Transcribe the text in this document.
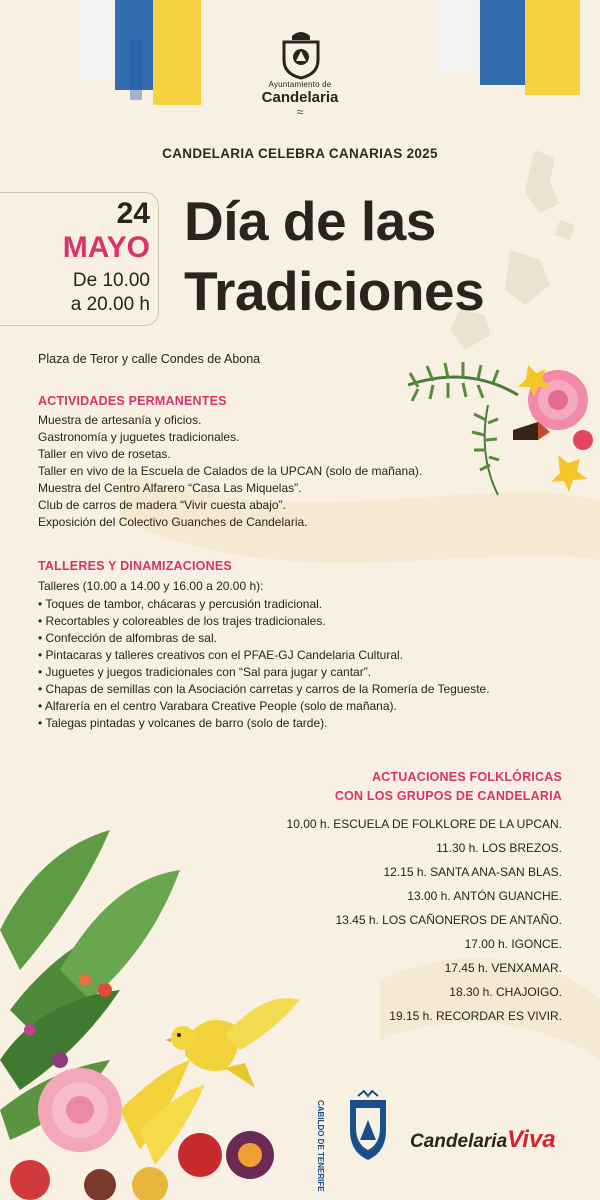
Ayuntamiento de
Candelaria
≈
CANDELARIA CELEBRA CANARIAS 2025
24
MAYO
De 10.00
a 20.00 h
Día de las
Tradiciones
Plaza de Teror y calle Condes de Abona
ACTIVIDADES PERMANENTES
Muestra de artesanía y oficios.
Gastronomía y juguetes tradicionales.
Taller en vivo de rosetas.
Taller en vivo de la Escuela de Calados de la UPCAN (solo de mañana).
Muestra del Centro Alfarero “Casa Las Miquelas”.
Club de carros de madera “Vivir cuesta abajo”.
Exposición del Colectivo Guanches de Candelaria.
TALLERES Y DINAMIZACIONES
Talleres (10.00 a 14.00 y 16.00 a 20.00 h):
• Toques de tambor, chácaras y percusión tradicional.
• Recortables y coloreables de los trajes tradicionales.
• Confección de alfombras de sal.
• Pintacaras y talleres creativos con el PFAE-GJ Candelaria Cultural.
• Juguetes y juegos tradicionales con “Sal para jugar y cantar”.
• Chapas de semillas con la Asociación carretas y carros de la Romería de Tegueste.
• Alfarería en el centro Varabara Creative People (solo de mañana).
• Talegas pintadas y volcanes de barro (solo de tarde).
ACTUACIONES FOLKLÓRICAS
CON LOS GRUPOS DE CANDELARIA
10.00 h. ESCUELA DE FOLKLORE DE LA UPCAN.
11.30 h. LOS BREZOS.
12.15 h. SANTA ANA-SAN BLAS.
13.00 h. ANTÓN GUANCHE.
13.45 h. LOS CAÑONEROS DE ANTAÑO.
17.00 h. IGONCE.
17.45 h. VENXAMAR.
18.30 h. CHAJOIGO.
19.15 h. RECORDAR ES VIVIR.
CABILDO DE TENERIFE	CandelariaViva
